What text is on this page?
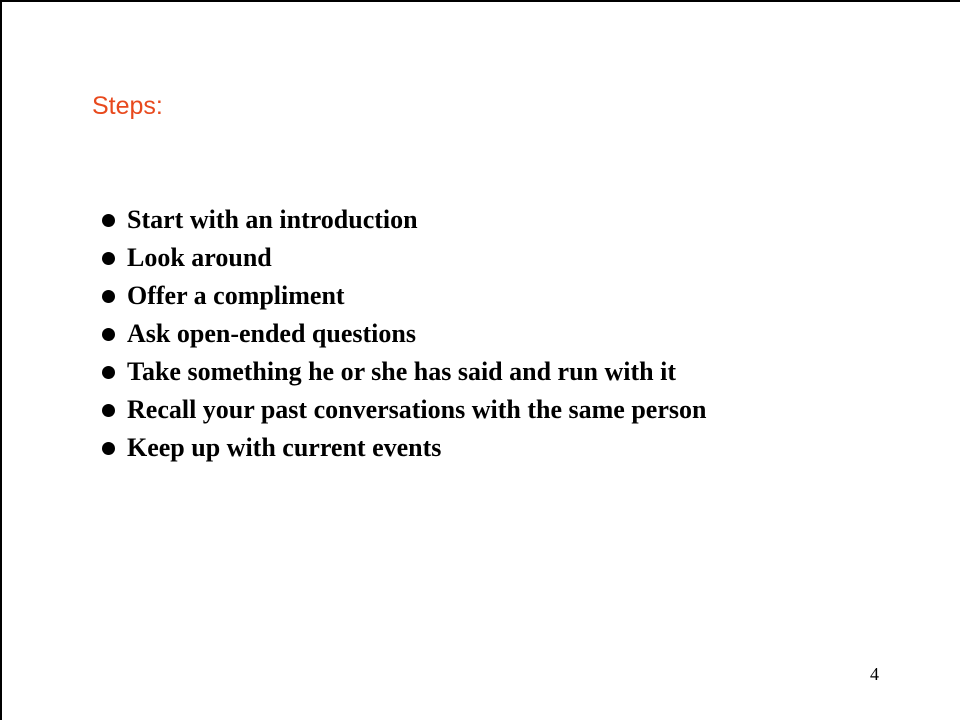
Steps:
Start with an introduction
Look around
Offer a compliment
Ask open-ended questions
Take something he or she has said and run with it
Recall your past conversations with the same person
Keep up with current events
4
